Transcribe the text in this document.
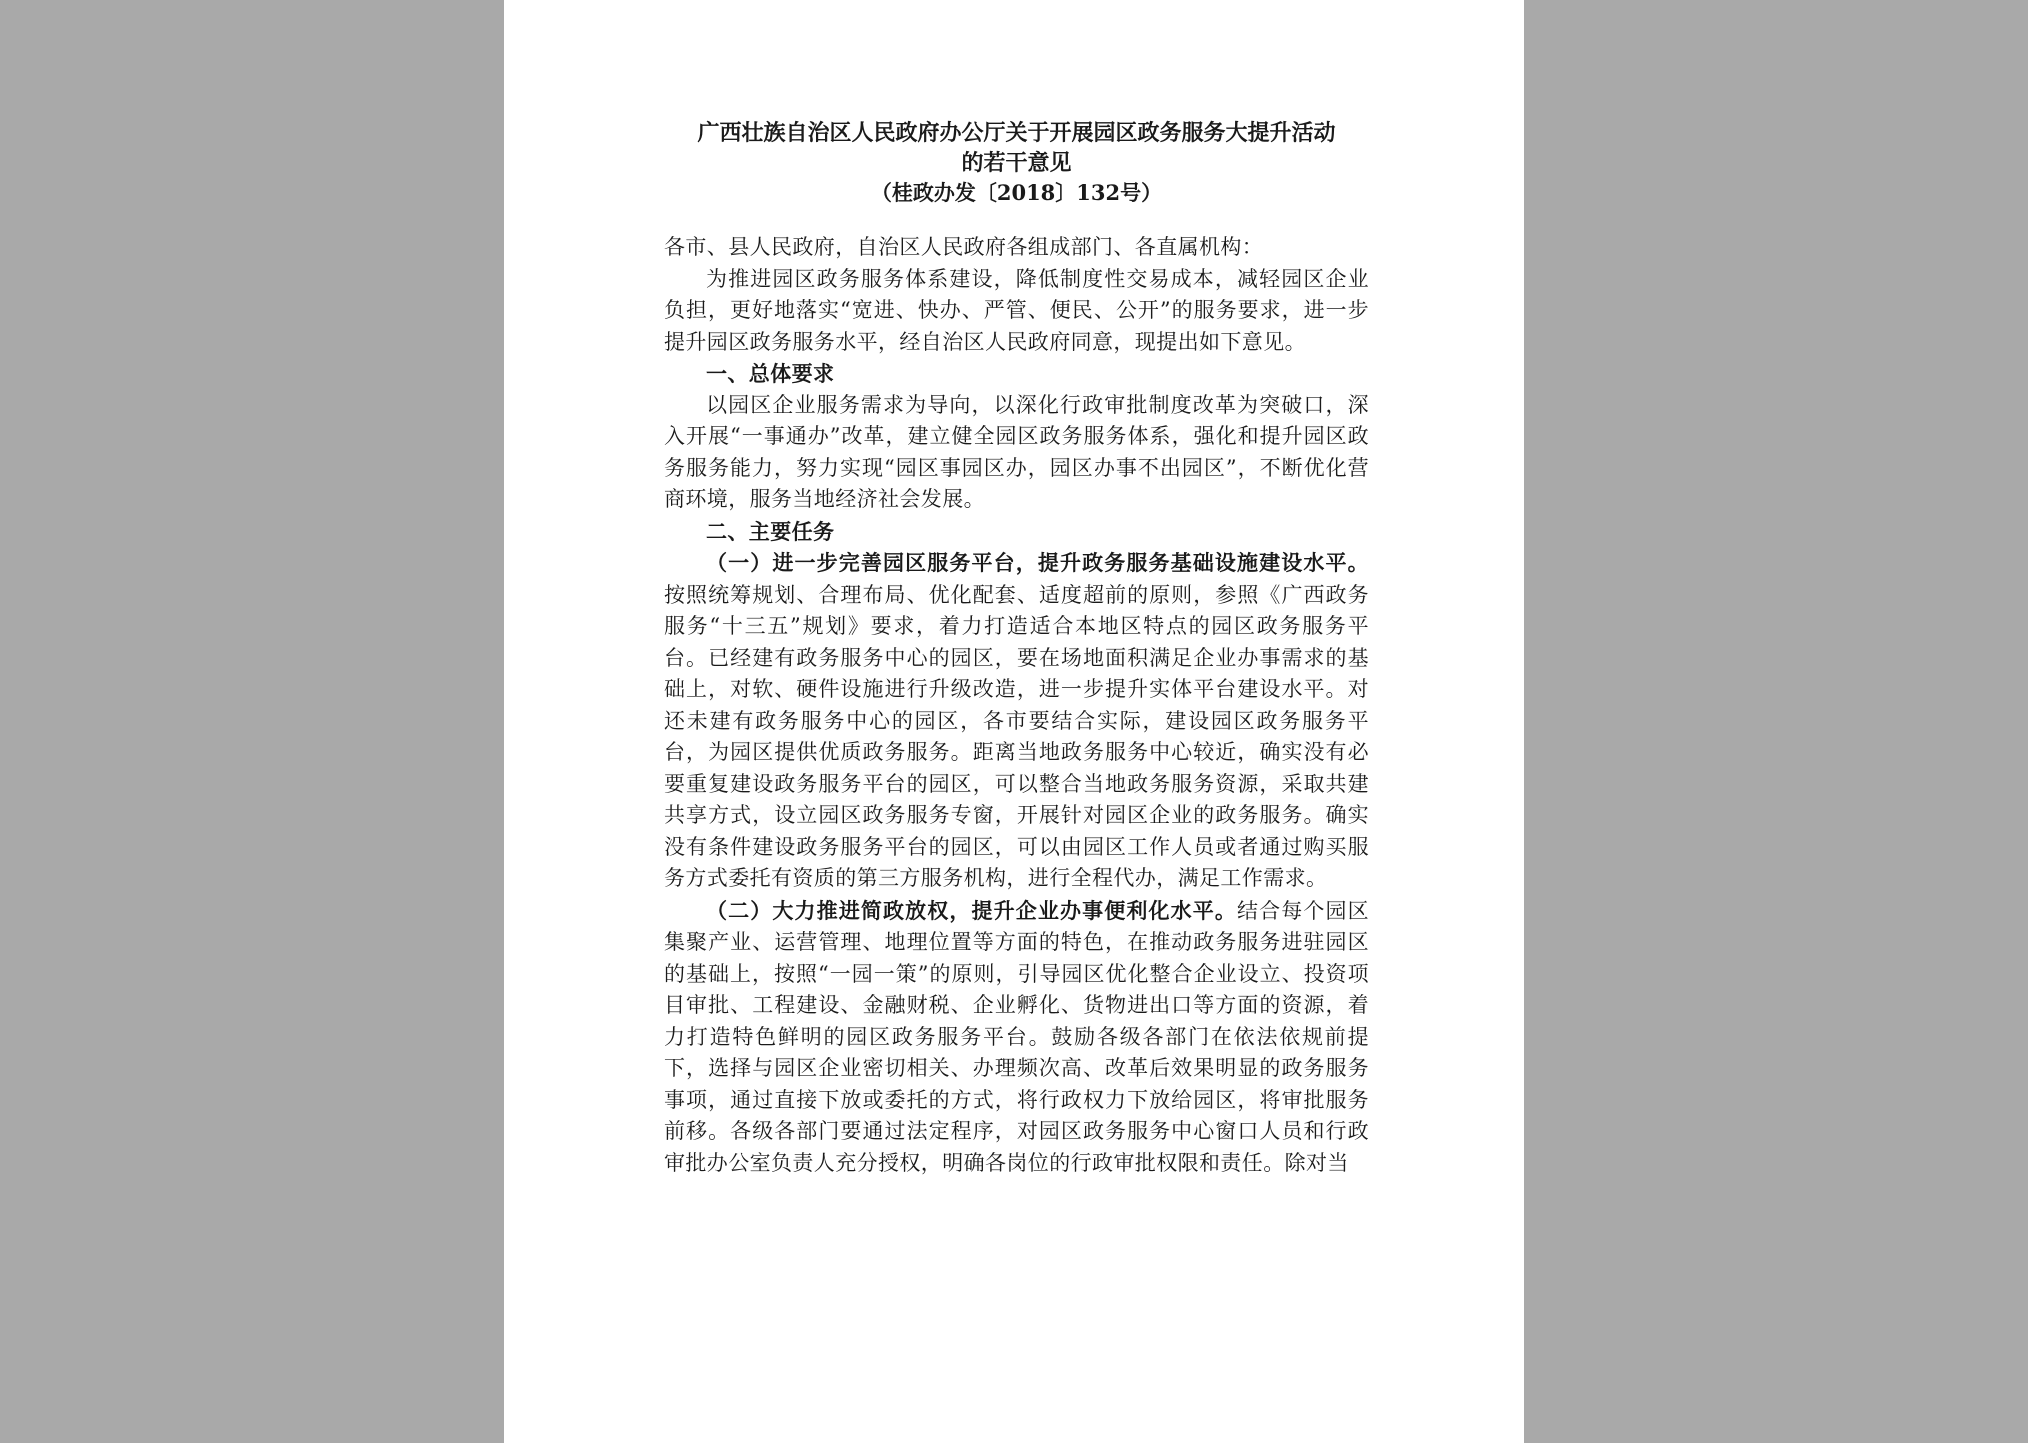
广西壮族自治区人民政府办公厅关于开展园区政务服务大提升活动

的若干意见

（桂政办发〔2018〕132号）

各市、县人民政府，自治区人民政府各组成部门、各直属机构：

为推进园区政务服务体系建设，降低制度性交易成本，减轻园区企业负担，更好地落实“宽进、快办、严管、便民、公开”的服务要求，进一步提升园区政务服务水平，经自治区人民政府同意，现提出如下意见。

一、总体要求

以园区企业服务需求为导向，以深化行政审批制度改革为突破口，深入开展“一事通办”改革，建立健全园区政务服务体系，强化和提升园区政务服务能力，努力实现“园区事园区办，园区办事不出园区”，不断优化营商环境，服务当地经济社会发展。

二、主要任务

（一）进一步完善园区服务平台，提升政务服务基础设施建设水平。按照统筹规划、合理布局、优化配套、适度超前的原则，参照《广西政务服务“十三五”规划》要求，着力打造适合本地区特点的园区政务服务平台。已经建有政务服务中心的园区，要在场地面积满足企业办事需求的基础上，对软、硬件设施进行升级改造，进一步提升实体平台建设水平。对还未建有政务服务中心的园区，各市要结合实际，建设园区政务服务平台，为园区提供优质政务服务。距离当地政务服务中心较近，确实没有必要重复建设政务服务平台的园区，可以整合当地政务服务资源，采取共建共享方式，设立园区政务服务专窗，开展针对园区企业的政务服务。确实没有条件建设政务服务平台的园区，可以由园区工作人员或者通过购买服务方式委托有资质的第三方服务机构，进行全程代办，满足工作需求。

（二）大力推进简政放权，提升企业办事便利化水平。结合每个园区集聚产业、运营管理、地理位置等方面的特色，在推动政务服务进驻园区的基础上，按照“一园一策”的原则，引导园区优化整合企业设立、投资项目审批、工程建设、金融财税、企业孵化、货物进出口等方面的资源，着力打造特色鲜明的园区政务服务平台。鼓励各级各部门在依法依规前提下，选择与园区企业密切相关、办理频次高、改革后效果明显的政务服务事项，通过直接下放或委托的方式，将行政权力下放给园区，将审批服务前移。各级各部门要通过法定程序，对园区政务服务中心窗口人员和行政审批办公室负责人充分授权，明确各岗位的行政审批权限和责任。除对当
